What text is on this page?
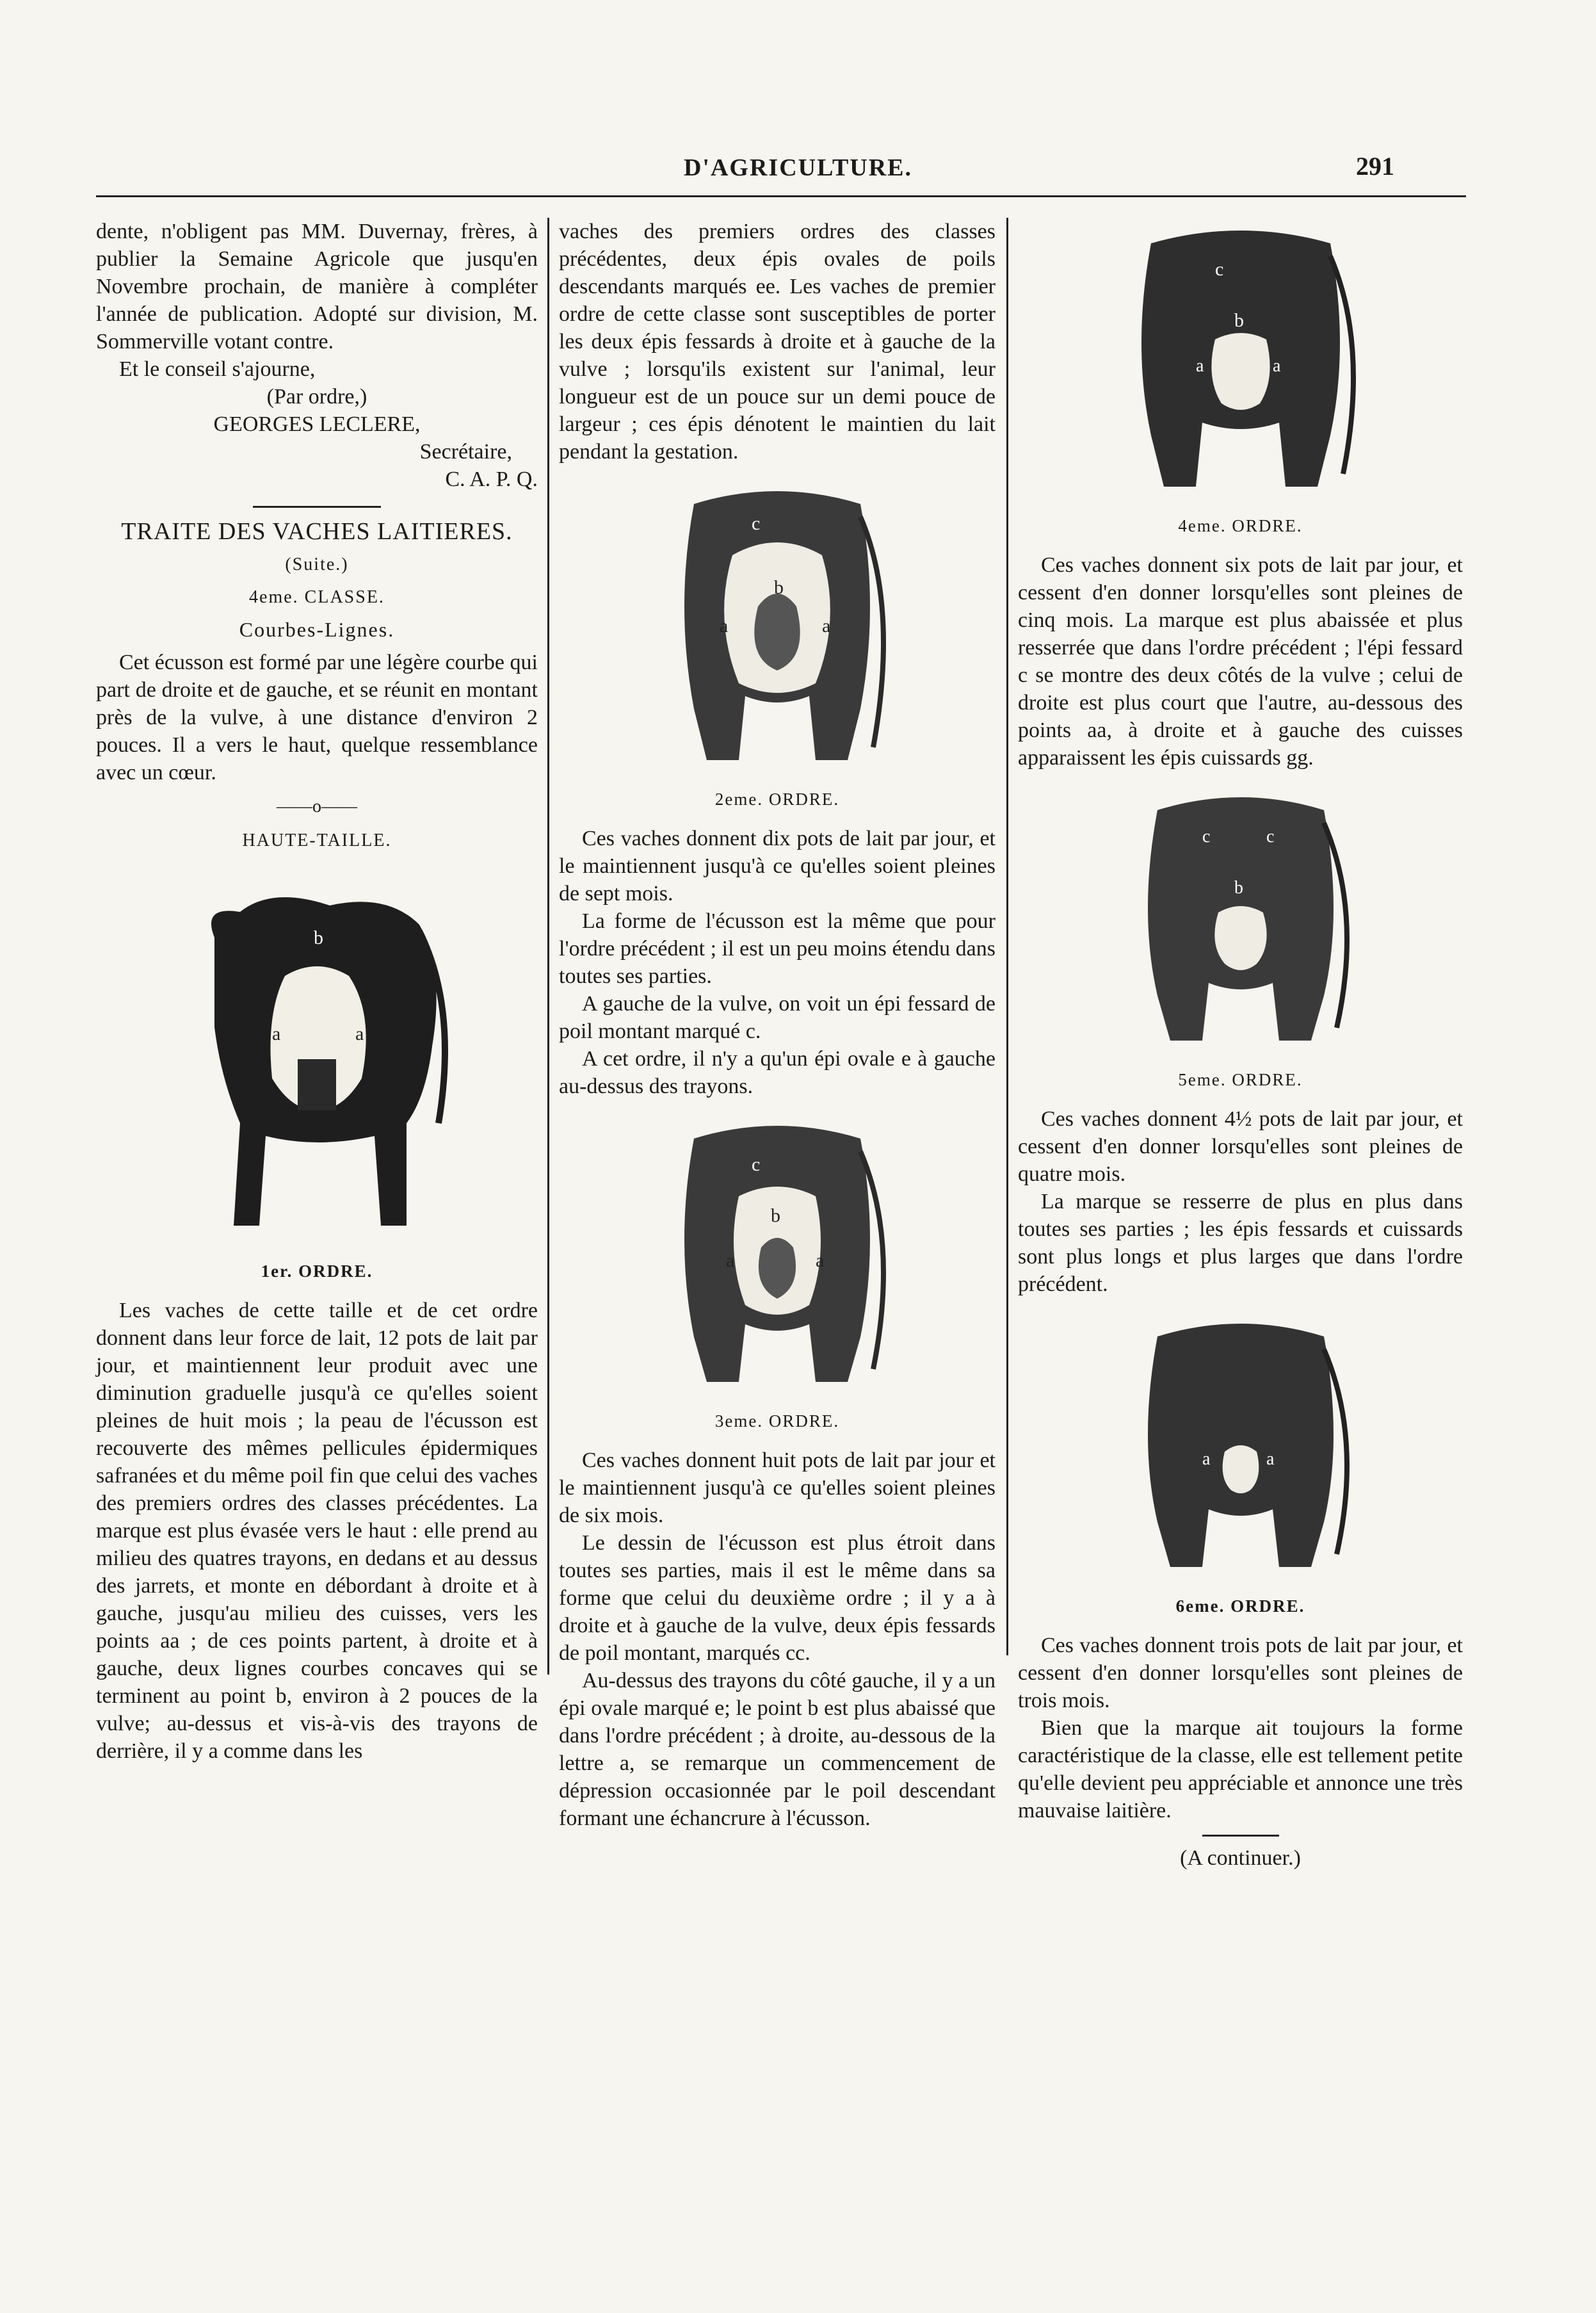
D'AGRICULTURE.	291

dente, n'obligent pas MM. Duvernay, frères, à publier la Semaine Agricole que jusqu'en Novembre prochain, de manière à compléter l'année de publication. Adopté sur division, M. Sommerville votant contre.

Et le conseil s'ajourne,

(Par ordre,)

GEORGES LECLERE,

Secrétaire,

C. A. P. Q.

TRAITE DES VACHES LAITIERES.
(Suite.)
4eme. CLASSE.
Courbes-Lignes.

Cet écusson est formé par une légère courbe qui part de droite et de gauche, et se réunit en montant près de la vulve, à une distance d'environ 2 pouces. Il a vers le haut, quelque ressemblance avec un cœur.

——o——
HAUTE-TAILLE.
b
a	a
1er. ORDRE.

Les vaches de cette taille et de cet ordre donnent dans leur force de lait, 12 pots de lait par jour, et maintiennent leur produit avec une diminution graduelle jusqu'à ce qu'elles soient pleines de huit mois ; la peau de l'écusson est recouverte des mêmes pellicules épidermiques safranées et du même poil fin que celui des vaches des premiers ordres des classes précédentes. La marque est plus évasée vers le haut : elle prend au milieu des quatres trayons, en dedans et au dessus des jarrets, et monte en débordant à droite et à gauche, jusqu'au milieu des cuisses, vers les points aa ; de ces points partent, à droite et à gauche, deux lignes courbes concaves qui se terminent au point b, environ à 2 pouces de la vulve; au-dessus et vis-à-vis des trayons de derrière, il y a comme dans les

vaches des premiers ordres des classes précédentes, deux épis ovales de poils descendants marqués ee. Les vaches de premier ordre de cette classe sont susceptibles de porter les deux épis fessards à droite et à gauche de la vulve ; lorsqu'ils existent sur l'animal, leur longueur est de un pouce sur un demi pouce de largeur ; ces épis dénotent le maintien du lait pendant la gestation.

c
b
a	a
2eme. ORDRE.

Ces vaches donnent dix pots de lait par jour, et le maintiennent jusqu'à ce qu'elles soient pleines de sept mois.

La forme de l'écusson est la même que pour l'ordre précédent ; il est un peu moins étendu dans toutes ses parties.

A gauche de la vulve, on voit un épi fessard de poil montant marqué c.

A cet ordre, il n'y a qu'un épi ovale e à gauche au-dessus des trayons.

c
b
a	a
3eme. ORDRE.

Ces vaches donnent huit pots de lait par jour et le maintiennent jusqu'à ce qu'elles soient pleines de six mois.

Le dessin de l'écusson est plus étroit dans toutes ses parties, mais il est le même dans sa forme que celui du deuxième ordre ; il y a à droite et à gauche de la vulve, deux épis fessards de poil montant, marqués cc.

Au-dessus des trayons du côté gauche, il y a un épi ovale marqué e; le point b est plus abaissé que dans l'ordre précédent ; à droite, au-dessous de la lettre a, se remarque un commencement de dépression occasionnée par le poil descendant formant une échancrure à l'écusson.

c
b
a	a
4eme. ORDRE.

Ces vaches donnent six pots de lait par jour, et cessent d'en donner lorsqu'elles sont pleines de cinq mois. La marque est plus abaissée et plus resserrée que dans l'ordre précédent ; l'épi fessard c se montre des deux côtés de la vulve ; celui de droite est plus court que l'autre, au-dessous des points aa, à droite et à gauche des cuisses apparaissent les épis cuissards gg.

c	c
b
5eme. ORDRE.

Ces vaches donnent 4½ pots de lait par jour, et cessent d'en donner lorsqu'elles sont pleines de quatre mois.

La marque se resserre de plus en plus dans toutes ses parties ; les épis fessards et cuissards sont plus longs et plus larges que dans l'ordre précédent.

a	a
6eme. ORDRE.

Ces vaches donnent trois pots de lait par jour, et cessent d'en donner lorsqu'elles sont pleines de trois mois.

Bien que la marque ait toujours la forme caractéristique de la classe, elle est tellement petite qu'elle devient peu appréciable et annonce une très mauvaise laitière.

(A continuer.)
